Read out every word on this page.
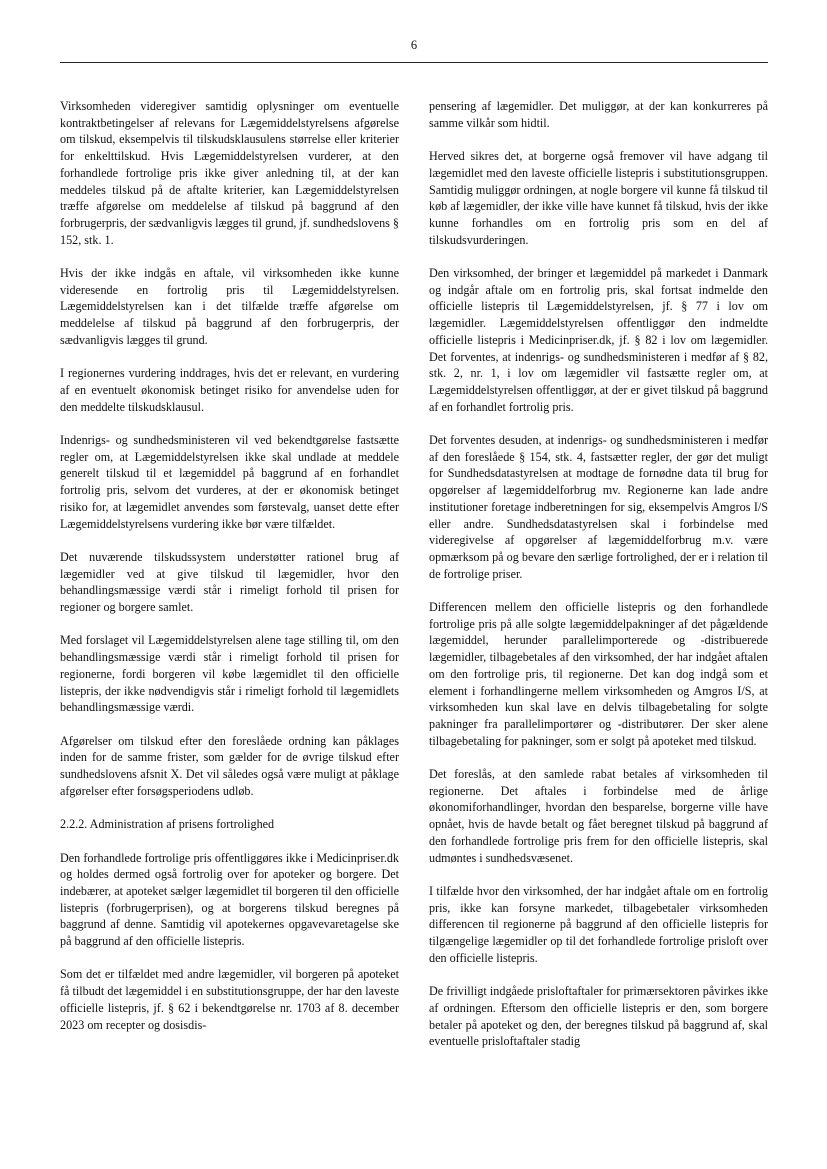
6

Virksomheden videregiver samtidig oplysninger om eventuelle kontraktbetingelser af relevans for Lægemiddelstyrelsens afgørelse om tilskud, eksempelvis til tilskudsklausulens størrelse eller kriterier for enkelttilskud. Hvis Lægemiddelstyrelsen vurderer, at den forhandlede fortrolige pris ikke giver anledning til, at der kan meddeles tilskud på de aftalte kriterier, kan Lægemiddelstyrelsen træffe afgørelse om meddelelse af tilskud på baggrund af den forbrugerpris, der sædvanligvis lægges til grund, jf. sundhedslovens § 152, stk. 1.

Hvis der ikke indgås en aftale, vil virksomheden ikke kunne videresende en fortrolig pris til Lægemiddelstyrelsen. Lægemiddelstyrelsen kan i det tilfælde træffe afgørelse om meddelelse af tilskud på baggrund af den forbrugerpris, der sædvanligvis lægges til grund.

I regionernes vurdering inddrages, hvis det er relevant, en vurdering af en eventuelt økonomisk betinget risiko for anvendelse uden for den meddelte tilskudsklausul.

Indenrigs- og sundhedsministeren vil ved bekendtgørelse fastsætte regler om, at Lægemiddelstyrelsen ikke skal undlade at meddele generelt tilskud til et lægemiddel på baggrund af en forhandlet fortrolig pris, selvom det vurderes, at der er økonomisk betinget risiko for, at lægemidlet anvendes som førstevalg, uanset dette efter Lægemiddelstyrelsens vurdering ikke bør være tilfældet.

Det nuværende tilskudssystem understøtter rationel brug af lægemidler ved at give tilskud til lægemidler, hvor den behandlingsmæssige værdi står i rimeligt forhold til prisen for regioner og borgere samlet.

Med forslaget vil Lægemiddelstyrelsen alene tage stilling til, om den behandlingsmæssige værdi står i rimeligt forhold til prisen for regionerne, fordi borgeren vil købe lægemidlet til den officielle listepris, der ikke nødvendigvis står i rimeligt forhold til lægemidlets behandlingsmæssige værdi.

Afgørelser om tilskud efter den foreslåede ordning kan påklages inden for de samme frister, som gælder for de øvrige tilskud efter sundhedslovens afsnit X. Det vil således også være muligt at påklage afgørelser efter forsøgsperiodens udløb.

2.2.2. Administration af prisens fortrolighed

Den forhandlede fortrolige pris offentliggøres ikke i Medicinpriser.dk og holdes dermed også fortrolig over for apoteker og borgere. Det indebærer, at apoteket sælger lægemidlet til borgeren til den officielle listepris (forbrugerprisen), og at borgerens tilskud beregnes på baggrund af denne. Samtidig vil apotekernes opgavevaretagelse ske på baggrund af den officielle listepris.

Som det er tilfældet med andre lægemidler, vil borgeren på apoteket få tilbudt det lægemiddel i en substitutionsgruppe, der har den laveste officielle listepris, jf. § 62 i bekendtgørelse nr. 1703 af 8. december 2023 om recepter og dosisdis-

pensering af lægemidler. Det muliggør, at der kan konkurreres på samme vilkår som hidtil.

Herved sikres det, at borgerne også fremover vil have adgang til lægemidlet med den laveste officielle listepris i substitutionsgruppen. Samtidig muliggør ordningen, at nogle borgere vil kunne få tilskud til køb af lægemidler, der ikke ville have kunnet få tilskud, hvis der ikke kunne forhandles om en fortrolig pris som en del af tilskudsvurderingen.

Den virksomhed, der bringer et lægemiddel på markedet i Danmark og indgår aftale om en fortrolig pris, skal fortsat indmelde den officielle listepris til Lægemiddelstyrelsen, jf. § 77 i lov om lægemidler. Lægemiddelstyrelsen offentliggør den indmeldte officielle listepris i Medicinpriser.dk, jf. § 82 i lov om lægemidler. Det forventes, at indenrigs- og sundhedsministeren i medfør af § 82, stk. 2, nr. 1, i lov om lægemidler vil fastsætte regler om, at Lægemiddelstyrelsen offentliggør, at der er givet tilskud på baggrund af en forhandlet fortrolig pris.

Det forventes desuden, at indenrigs- og sundhedsministeren i medfør af den foreslåede § 154, stk. 4, fastsætter regler, der gør det muligt for Sundhedsdatastyrelsen at modtage de fornødne data til brug for opgørelser af lægemiddelforbrug mv. Regionerne kan lade andre institutioner foretage indberetningen for sig, eksempelvis Amgros I/S eller andre. Sundhedsdatastyrelsen skal i forbindelse med videregivelse af opgørelser af lægemiddelforbrug m.v. være opmærksom på og bevare den særlige fortrolighed, der er i relation til de fortrolige priser.

Differencen mellem den officielle listepris og den forhandlede fortrolige pris på alle solgte lægemiddelpakninger af det pågældende lægemiddel, herunder parallelimporterede og -distribuerede lægemidler, tilbagebetales af den virksomhed, der har indgået aftalen om den fortrolige pris, til regionerne. Det kan dog indgå som et element i forhandlingerne mellem virksomheden og Amgros I/S, at virksomheden kun skal lave en delvis tilbagebetaling for solgte pakninger fra parallelimportører og -distributører. Der sker alene tilbagebetaling for pakninger, som er solgt på apoteket med tilskud.

Det foreslås, at den samlede rabat betales af virksomheden til regionerne. Det aftales i forbindelse med de årlige økonomiforhandlinger, hvordan den besparelse, borgerne ville have opnået, hvis de havde betalt og fået beregnet tilskud på baggrund af den forhandlede fortrolige pris frem for den officielle listepris, skal udmøntes i sundhedsvæsenet.

I tilfælde hvor den virksomhed, der har indgået aftale om en fortrolig pris, ikke kan forsyne markedet, tilbagebetaler virksomheden differencen til regionerne på baggrund af den officielle listepris for tilgængelige lægemidler op til det forhandlede fortrolige prisloft over den officielle listepris.

De frivilligt indgåede prisloftaftaler for primærsektoren påvirkes ikke af ordningen. Eftersom den officielle listepris er den, som borgere betaler på apoteket og den, der beregnes tilskud på baggrund af, skal eventuelle prisloftaftaler stadig
